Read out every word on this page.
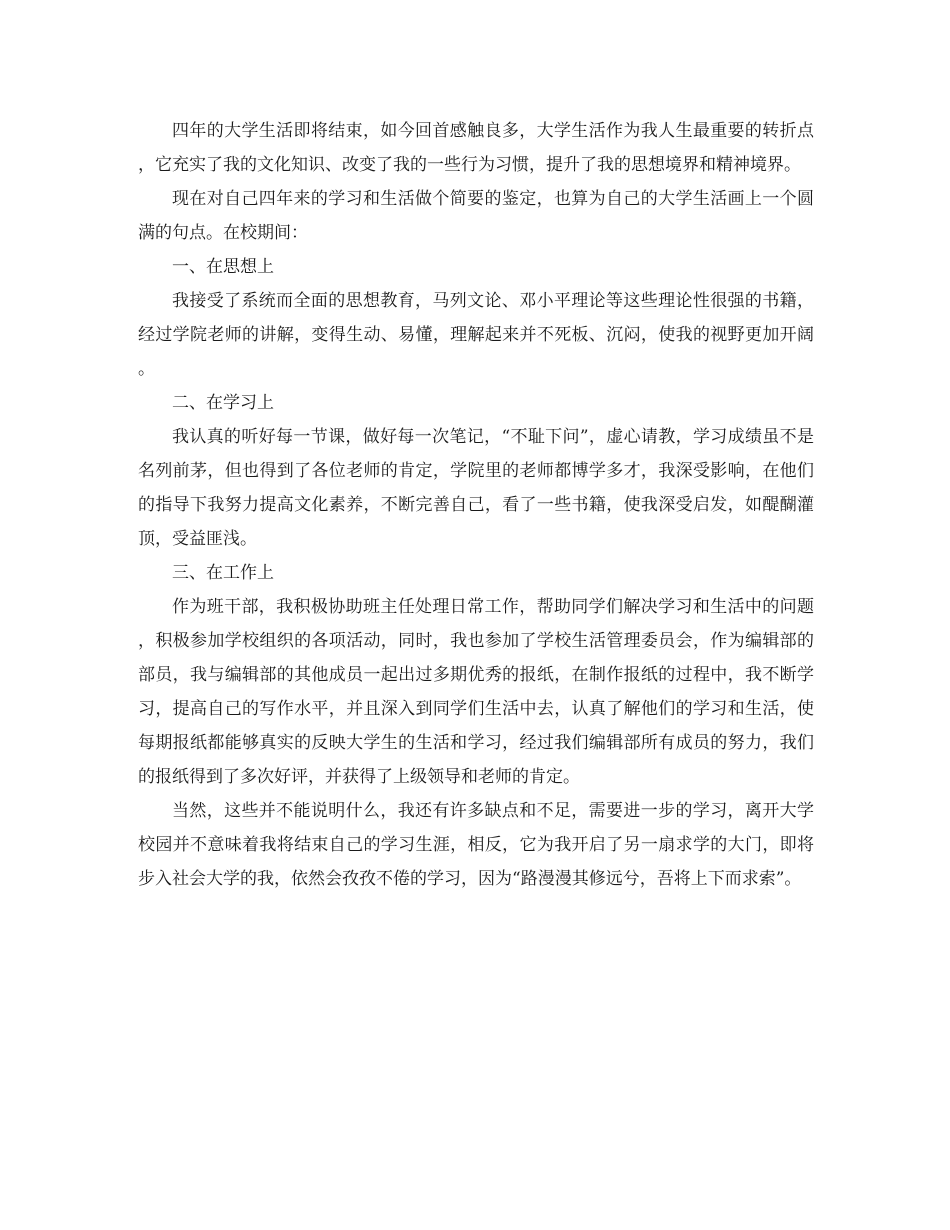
四年的大学生活即将结束，如今回首感触良多，大学生活作为我人生最重要的转折点，它充实了我的文化知识、改变了我的一些行为习惯，提升了我的思想境界和精神境界。

现在对自己四年来的学习和生活做个简要的鉴定，也算为自己的大学生活画上一个圆满的句点。在校期间：

一、在思想上

我接受了系统而全面的思想教育，马列文论、邓小平理论等这些理论性很强的书籍，经过学院老师的讲解，变得生动、易懂，理解起来并不死板、沉闷，使我的视野更加开阔。

二、在学习上

我认真的听好每一节课，做好每一次笔记，“不耻下问”，虚心请教，学习成绩虽不是名列前茅，但也得到了各位老师的肯定，学院里的老师都博学多才，我深受影响，在他们的指导下我努力提高文化素养，不断完善自己，看了一些书籍，使我深受启发，如醍醐灌顶，受益匪浅。

三、在工作上

作为班干部，我积极协助班主任处理日常工作，帮助同学们解决学习和生活中的问题，积极参加学校组织的各项活动，同时，我也参加了学校生活管理委员会，作为编辑部的部员，我与编辑部的其他成员一起出过多期优秀的报纸，在制作报纸的过程中，我不断学习，提高自己的写作水平，并且深入到同学们生活中去，认真了解他们的学习和生活，使每期报纸都能够真实的反映大学生的生活和学习，经过我们编辑部所有成员的努力，我们的报纸得到了多次好评，并获得了上级领导和老师的肯定。

当然，这些并不能说明什么，我还有许多缺点和不足，需要进一步的学习，离开大学校园并不意味着我将结束自己的学习生涯，相反，它为我开启了另一扇求学的大门，即将步入社会大学的我，依然会孜孜不倦的学习，因为“路漫漫其修远兮，吾将上下而求索”。
